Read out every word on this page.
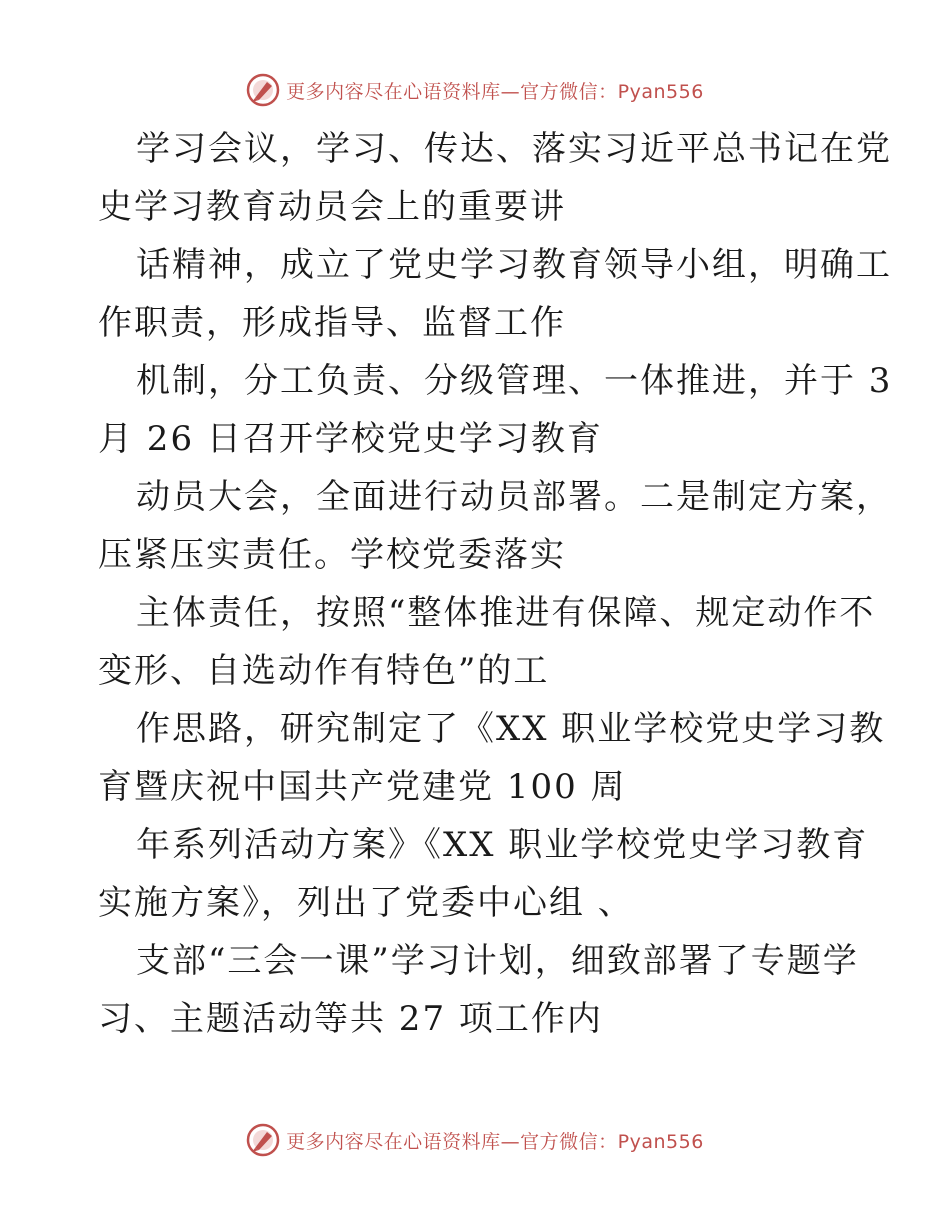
更多内容尽在心语资料库—官方微信：Pyan556
学习会议，学习、传达、落实习近平总书记在党
史学习教育动员会上的重要讲
话精神，成立了党史学习教育领导小组，明确工
作职责，形成指导、监督工作
机制，分工负责、分级管理、一体推进，并于 3
月 26 日召开学校党史学习教育
动员大会，全面进行动员部署。二是制定方案，
压紧压实责任。学校党委落实
主体责任，按照“整体推进有保障、规定动作不
变形、自选动作有特色”的工
作思路，研究制定了《XX 职业学校党史学习教
育暨庆祝中国共产党建党 100 周
年系列活动方案》《XX 职业学校党史学习教育
实施方案》，列出了党委中心组 、
支部“三会一课”学习计划，细致部署了专题学
习、主题活动等共 27 项工作内
更多内容尽在心语资料库—官方微信：Pyan556
